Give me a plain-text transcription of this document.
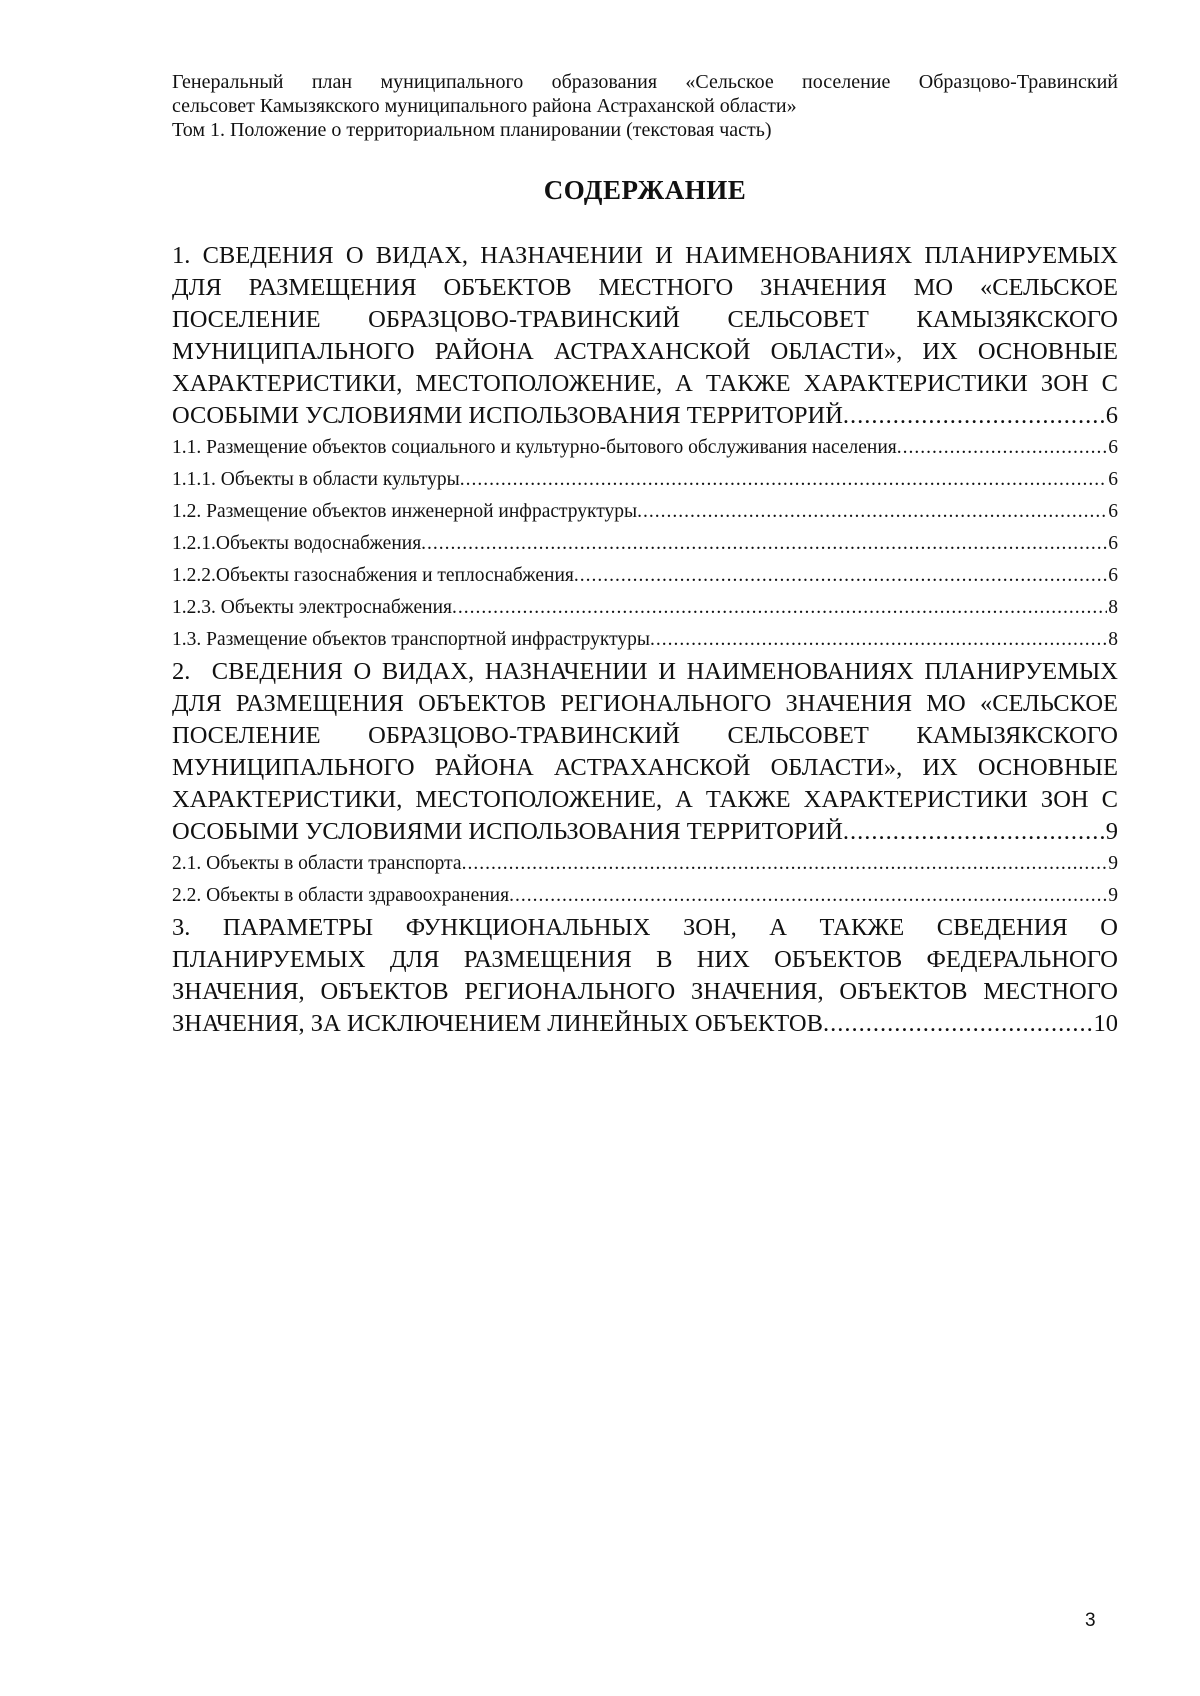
Генеральный план муниципального образования «Сельское поселение Образцово-Травинский
сельсовет Камызякского муниципального района Астраханской области»
Том 1. Положение о территориальном планировании (текстовая часть)
СОДЕРЖАНИЕ
1. СВЕДЕНИЯ О ВИДАХ, НАЗНАЧЕНИИ И НАИМЕНОВАНИЯХ ПЛАНИРУЕМЫХ
ДЛЯ РАЗМЕЩЕНИЯ ОБЪЕКТОВ МЕСТНОГО ЗНАЧЕНИЯ МО «СЕЛЬСКОЕ
ПОСЕЛЕНИЕ ОБРАЗЦОВО-ТРАВИНСКИЙ СЕЛЬСОВЕТ КАМЫЗЯКСКОГО
МУНИЦИПАЛЬНОГО РАЙОНА АСТРАХАНСКОЙ ОБЛАСТИ», ИХ ОСНОВНЫЕ
ХАРАКТЕРИСТИКИ, МЕСТОПОЛОЖЕНИЕ, А ТАКЖЕ ХАРАКТЕРИСТИКИ ЗОН С
ОСОБЫМИ УСЛОВИЯМИ ИСПОЛЬЗОВАНИЯ ТЕРРИТОРИЙ .....	6
1.1. Размещение объектов социального и культурно-бытового обслуживания населения .....	6
1.1.1. Объекты в области культуры .....	6
1.2. Размещение объектов инженерной инфраструктуры .....	6
1.2.1.Объекты водоснабжения .....	6
1.2.2.Объекты газоснабжения и теплоснабжения .....	6
1.2.3. Объекты электроснабжения .....	8
1.3. Размещение объектов транспортной инфраструктуры .....	8
2.  СВЕДЕНИЯ О ВИДАХ, НАЗНАЧЕНИИ И НАИМЕНОВАНИЯХ ПЛАНИРУЕМЫХ
ДЛЯ РАЗМЕЩЕНИЯ ОБЪЕКТОВ РЕГИОНАЛЬНОГО ЗНАЧЕНИЯ МО «СЕЛЬСКОЕ
ПОСЕЛЕНИЕ ОБРАЗЦОВО-ТРАВИНСКИЙ СЕЛЬСОВЕТ КАМЫЗЯКСКОГО
МУНИЦИПАЛЬНОГО РАЙОНА АСТРАХАНСКОЙ ОБЛАСТИ», ИХ ОСНОВНЫЕ
ХАРАКТЕРИСТИКИ, МЕСТОПОЛОЖЕНИЕ, А ТАКЖЕ ХАРАКТЕРИСТИКИ ЗОН С
ОСОБЫМИ УСЛОВИЯМИ ИСПОЛЬЗОВАНИЯ ТЕРРИТОРИЙ .....	9
2.1. Объекты в области транспорта .....	9
2.2. Объекты в области здравоохранения .....	9
3. ПАРАМЕТРЫ ФУНКЦИОНАЛЬНЫХ ЗОН, А ТАКЖЕ СВЕДЕНИЯ О
ПЛАНИРУЕМЫХ ДЛЯ РАЗМЕЩЕНИЯ В НИХ ОБЪЕКТОВ ФЕДЕРАЛЬНОГО
ЗНАЧЕНИЯ, ОБЪЕКТОВ РЕГИОНАЛЬНОГО ЗНАЧЕНИЯ, ОБЪЕКТОВ МЕСТНОГО
ЗНАЧЕНИЯ, ЗА ИСКЛЮЧЕНИЕМ ЛИНЕЙНЫХ ОБЪЕКТОВ .....	10
3
